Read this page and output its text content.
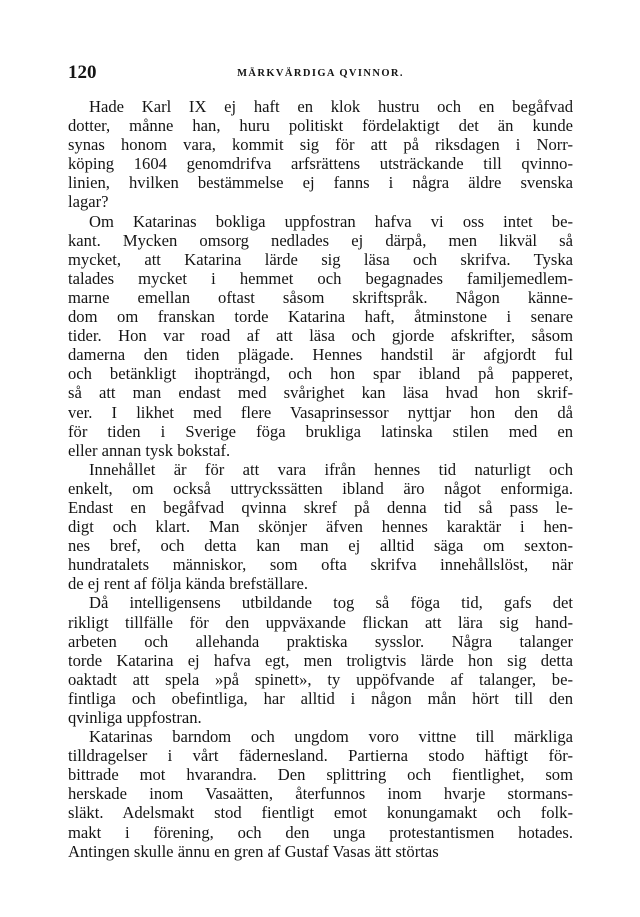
120	MÄRKVÄRDIGA QVINNOR.
Hade Karl IX ej haft en klok hustru och en begåfvad
dotter, månne han, huru politiskt fördelaktigt det än kunde
synas honom vara, kommit sig för att på riksdagen i Norr-
köping 1604 genomdrifva arfsrättens utsträckande till qvinno-
linien, hvilken bestämmelse ej fanns i några äldre svenska
lagar?
Om Katarinas bokliga uppfostran hafva vi oss intet be-
kant. Mycken omsorg nedlades ej därpå, men likväl så
mycket, att Katarina lärde sig läsa och skrifva. Tyska
talades mycket i hemmet och begagnades familjemedlem-
marne emellan oftast såsom skriftspråk. Någon känne-
dom om franskan torde Katarina haft, åtminstone i senare
tider. Hon var road af att läsa och gjorde afskrifter, såsom
damerna den tiden plägade. Hennes handstil är afgjordt ful
och betänkligt ihopträngd, och hon spar ibland på papperet,
så att man endast med svårighet kan läsa hvad hon skrif-
ver. I likhet med flere Vasaprinsessor nyttjar hon den då
för tiden i Sverige föga brukliga latinska stilen med en
eller annan tysk bokstaf.
Innehållet är för att vara ifrån hennes tid naturligt och
enkelt, om också uttryckssätten ibland äro något enformiga.
Endast en begåfvad qvinna skref på denna tid så pass le-
digt och klart. Man skönjer äfven hennes karaktär i hen-
nes bref, och detta kan man ej alltid säga om sexton-
hundratalets människor, som ofta skrifva innehållslöst, när
de ej rent af följa kända brefställare.
Då intelligensens utbildande tog så föga tid, gafs det
rikligt tillfälle för den uppväxande flickan att lära sig hand-
arbeten och allehanda praktiska sysslor. Några talanger
torde Katarina ej hafva egt, men troligtvis lärde hon sig detta
oaktadt att spela »på spinett», ty uppöfvande af talanger, be-
fintliga och obefintliga, har alltid i någon mån hört till den
qvinliga uppfostran.
Katarinas barndom och ungdom voro vittne till märkliga
tilldragelser i vårt fädernesland. Partierna stodo häftigt för-
bittrade mot hvarandra. Den splittring och fientlighet, som
herskade inom Vasaätten, återfunnos inom hvarje stormans-
släkt. Adelsmakt stod fientligt emot konungamakt och folk-
makt i förening, och den unga protestantismen hotades.
Antingen skulle ännu en gren af Gustaf Vasas ätt störtas
